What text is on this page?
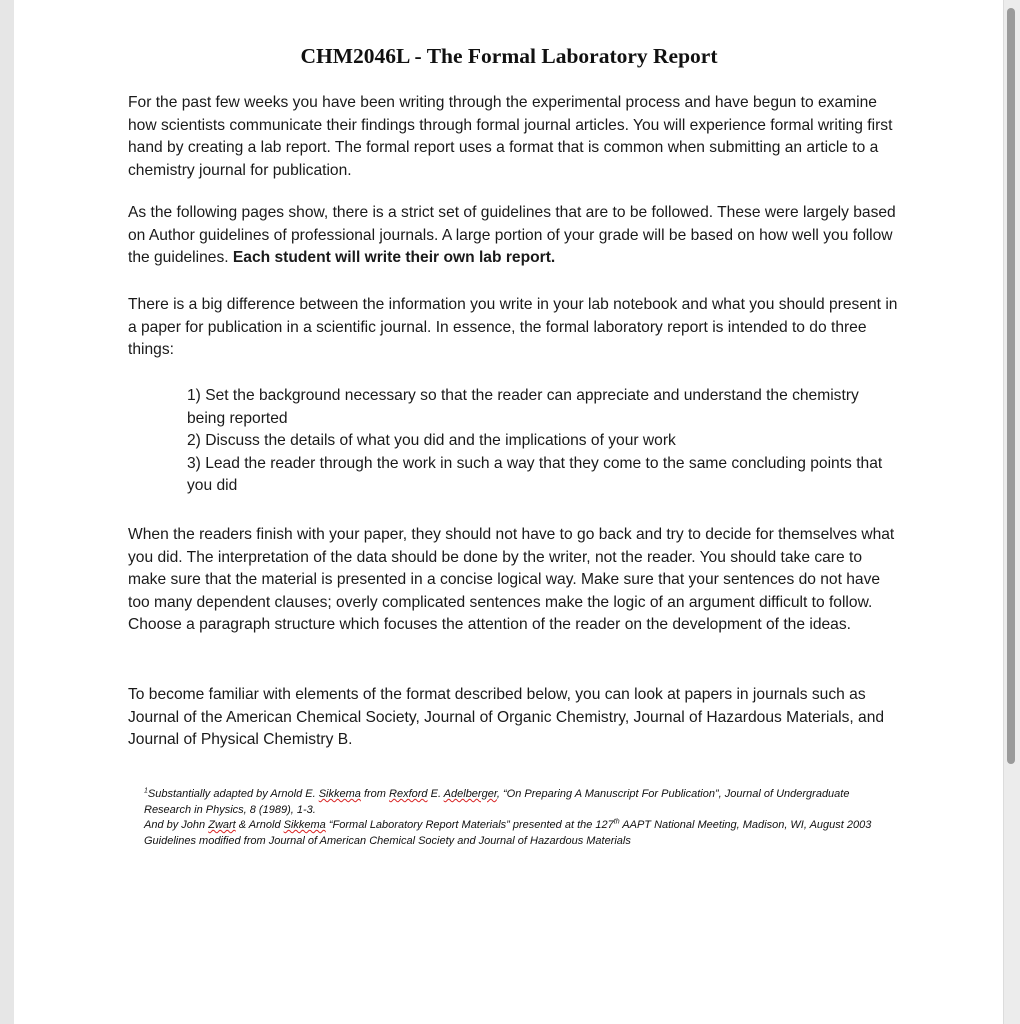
CHM2046L - The Formal Laboratory Report

For the past few weeks you have been writing through the experimental process and have begun to examine how scientists communicate their findings through formal journal articles. You will experience formal writing first hand by creating a lab report. The formal report uses a format that is common when submitting an article to a chemistry journal for publication.

As the following pages show, there is a strict set of guidelines that are to be followed. These were largely based on Author guidelines of professional journals. A large portion of your grade will be based on how well you follow the guidelines. Each student will write their own lab report.

There is a big difference between the information you write in your lab notebook and what you should present in a paper for publication in a scientific journal. In essence, the formal laboratory report is intended to do three things:

1) Set the background necessary so that the reader can appreciate and understand the chemistry being reported
2) Discuss the details of what you did and the implications of your work
3) Lead the reader through the work in such a way that they come to the same concluding points that you did

When the readers finish with your paper, they should not have to go back and try to decide for themselves what you did. The interpretation of the data should be done by the writer, not the reader. You should take care to make sure that the material is presented in a concise logical way. Make sure that your sentences do not have too many dependent clauses; overly complicated sentences make the logic of an argument difficult to follow. Choose a paragraph structure which focuses the attention of the reader on the development of the ideas.

To become familiar with elements of the format described below, you can look at papers in journals such as Journal of the American Chemical Society, Journal of Organic Chemistry, Journal of Hazardous Materials, and Journal of Physical Chemistry B.

$^1$Substantially adapted by Arnold E. Sikkema from Rexford E. Adelberger, “On Preparing A Manuscript For Publication”, Journal of Undergraduate
Research in Physics, 8 (1989), 1-3.
And by John Zwart & Arnold Sikkema “Formal Laboratory Report Materials” presented at the 127th AAPT National Meeting, Madison, WI, August 2003
Guidelines modified from Journal of American Chemical Society and Journal of Hazardous Materials
